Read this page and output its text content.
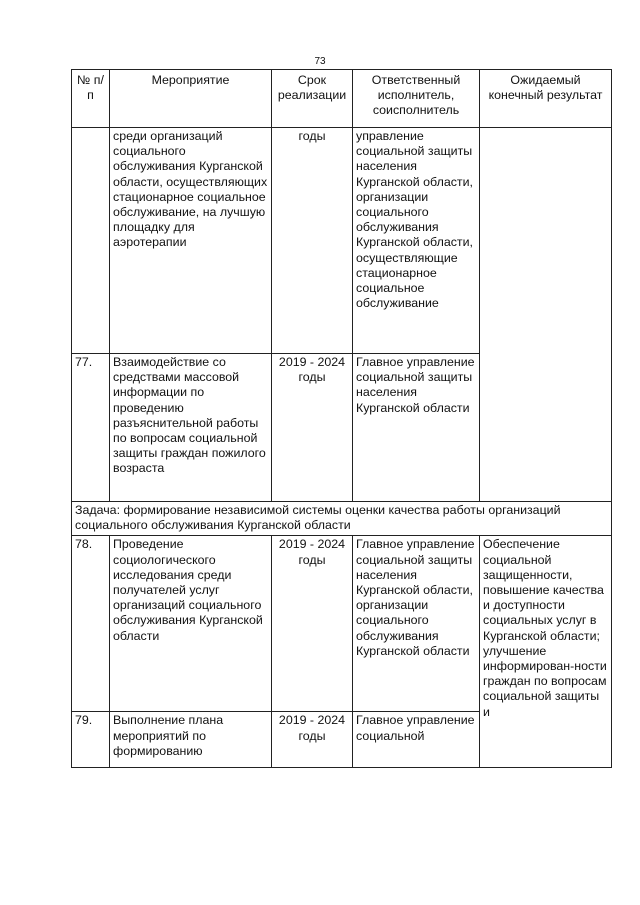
73
№ п/п	Мероприятие	Срок реализации	Ответственный исполнитель, соисполнитель	Ожидаемый конечный результат
	среди организаций социального обслуживания Курганской области, осуществляющих стационарное социальное обслуживание, на лучшую площадку для аэротерапии	годы	управление социальной защиты населения Курганской области, организации социального обслуживания Курганской области, осуществляющие стационарное социальное обслуживание	
77.	Взаимодействие со средствами массовой информации по проведению разъяснительной работы по вопросам социальной защиты граждан пожилого возраста	2019 - 2024 годы	Главное управление социальной защиты населения Курганской области	
Задача: формирование независимой системы оценки качества работы организаций социального обслуживания Курганской области				
78.	Проведение социологического исследования среди получателей услуг организаций социального обслуживания Курганской области	2019 - 2024 годы	Главное управление социальной защиты населения Курганской области, организации социального обслуживания Курганской области	Обеспечение социальной защищенности, повышение качества и доступности социальных услуг в Курганской области; улучшение информирован-ности граждан по вопросам социальной защиты и
79.	Выполнение плана мероприятий по формированию	2019 - 2024 годы	Главное управление социальной	
